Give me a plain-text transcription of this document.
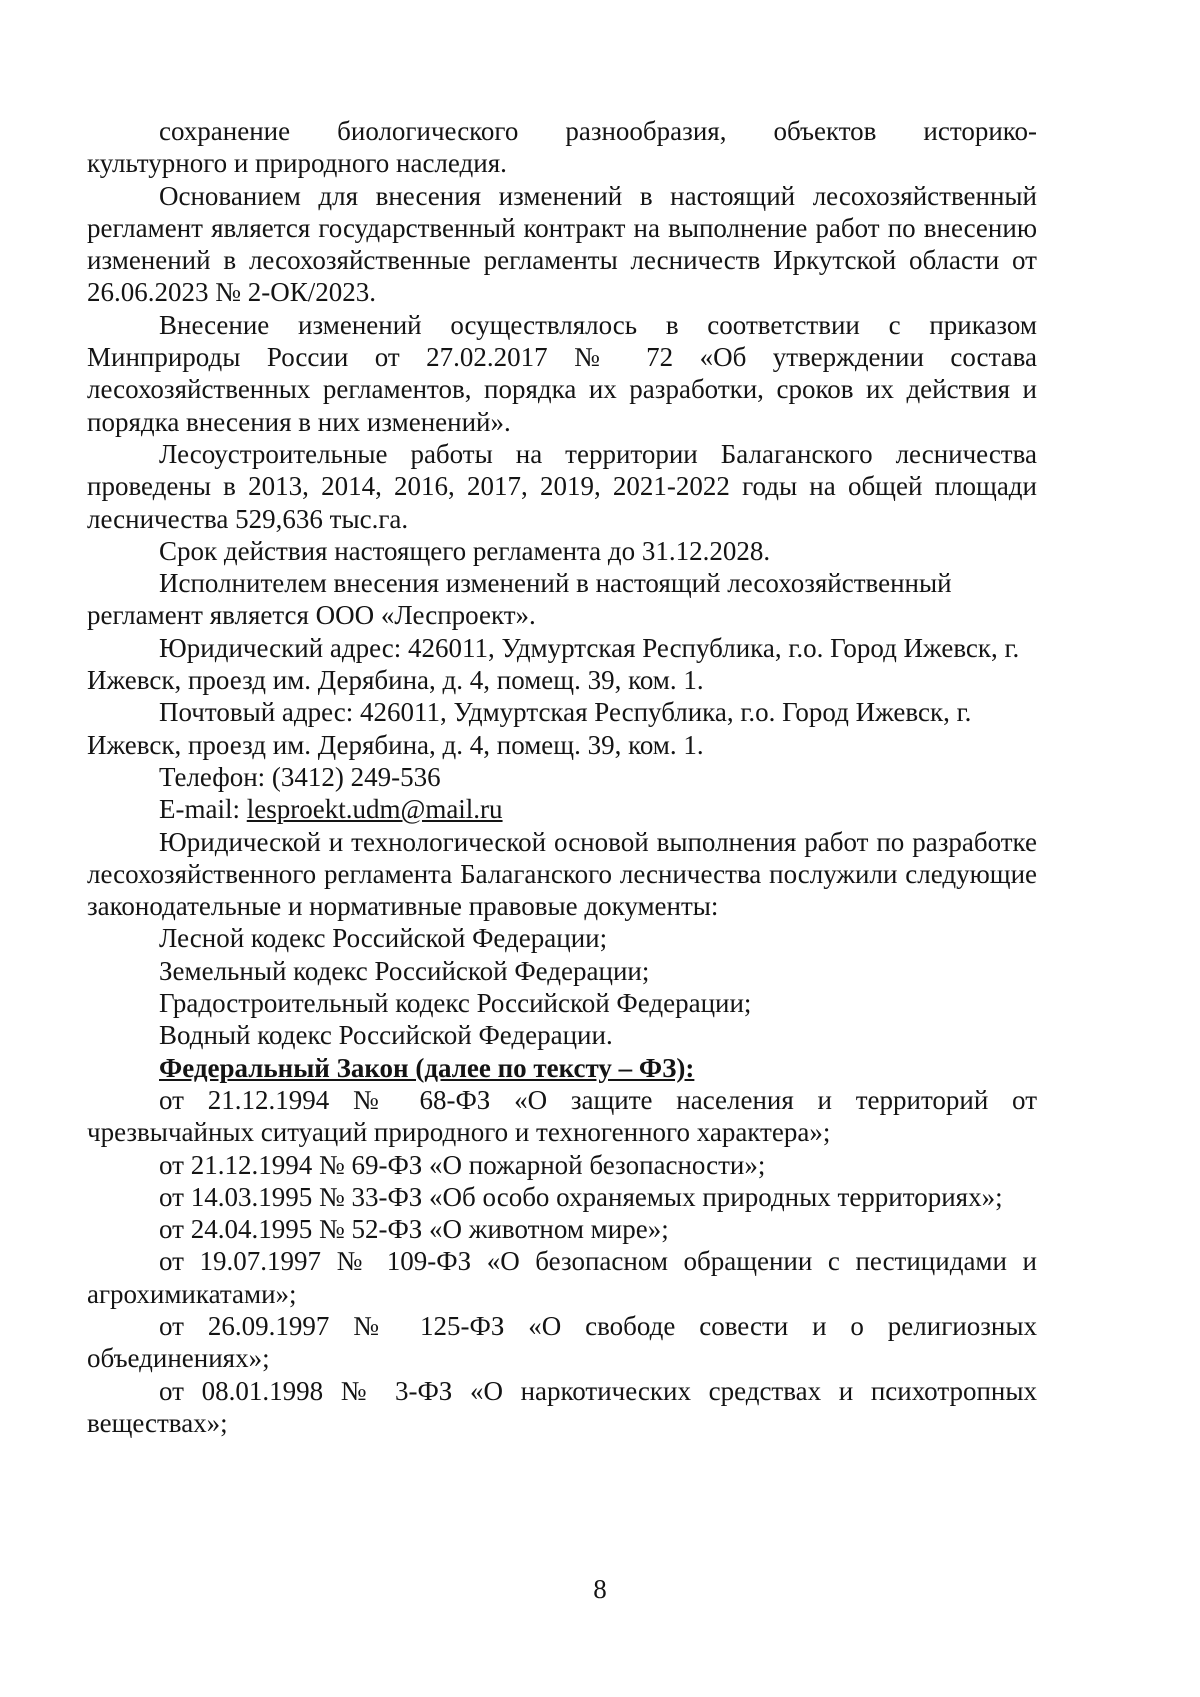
сохранение биологического разнообразия, объектов историко-

культурного и природного наследия.

Основанием для внесения изменений в настоящий лесохозяйственный регламент является государственный контракт на выполнение работ по внесению изменений в лесохозяйственные регламенты лесничеств Иркутской области от 26.06.2023 № 2-ОК/2023.

Внесение изменений осуществлялось в соответствии с приказом Минприроды России от 27.02.2017 № 72 «Об утверждении состава лесохозяйственных регламентов, порядка их разработки, сроков их действия и порядка внесения в них изменений».

Лесоустроительные работы на территории Балаганского лесничества проведены в 2013, 2014, 2016, 2017, 2019, 2021-2022 годы на общей площади лесничества 529,636 тыс.га.

Срок действия настоящего регламента до 31.12.2028.

Исполнителем внесения изменений в настоящий лесохозяйственный регламент является ООО «Леспроект».

Юридический адрес: 426011, Удмуртская Республика, г.о. Город Ижевск, г. Ижевск, проезд им. Дерябина, д. 4, помещ. 39, ком. 1.

Почтовый адрес: 426011, Удмуртская Республика, г.о. Город Ижевск, г. Ижевск, проезд им. Дерябина, д. 4, помещ. 39, ком. 1.

Телефон: (3412) 249-536

E-mail: lesproekt.udm@mail.ru

Юридической и технологической основой выполнения работ по разработке лесохозяйственного регламента Балаганского лесничества послужили следующие законодательные и нормативные правовые документы:

Лесной кодекс Российской Федерации;

Земельный кодекс Российской Федерации;

Градостроительный кодекс Российской Федерации;

Водный кодекс Российской Федерации.

Федеральный Закон (далее по тексту – ФЗ):

от 21.12.1994 № 68-ФЗ «О защите населения и территорий от чрезвычайных ситуаций природного и техногенного характера»;

от 21.12.1994 № 69-ФЗ «О пожарной безопасности»;

от 14.03.1995 № 33-ФЗ «Об особо охраняемых природных территориях»;

от 24.04.1995 № 52-ФЗ «О животном мире»;

от 19.07.1997 № 109-ФЗ «О безопасном обращении с пестицидами и агрохимикатами»;

от 26.09.1997 № 125-ФЗ «О свободе совести и о религиозных объединениях»;

от 08.01.1998 № 3-ФЗ «О наркотических средствах и психотропных веществах»;

8
